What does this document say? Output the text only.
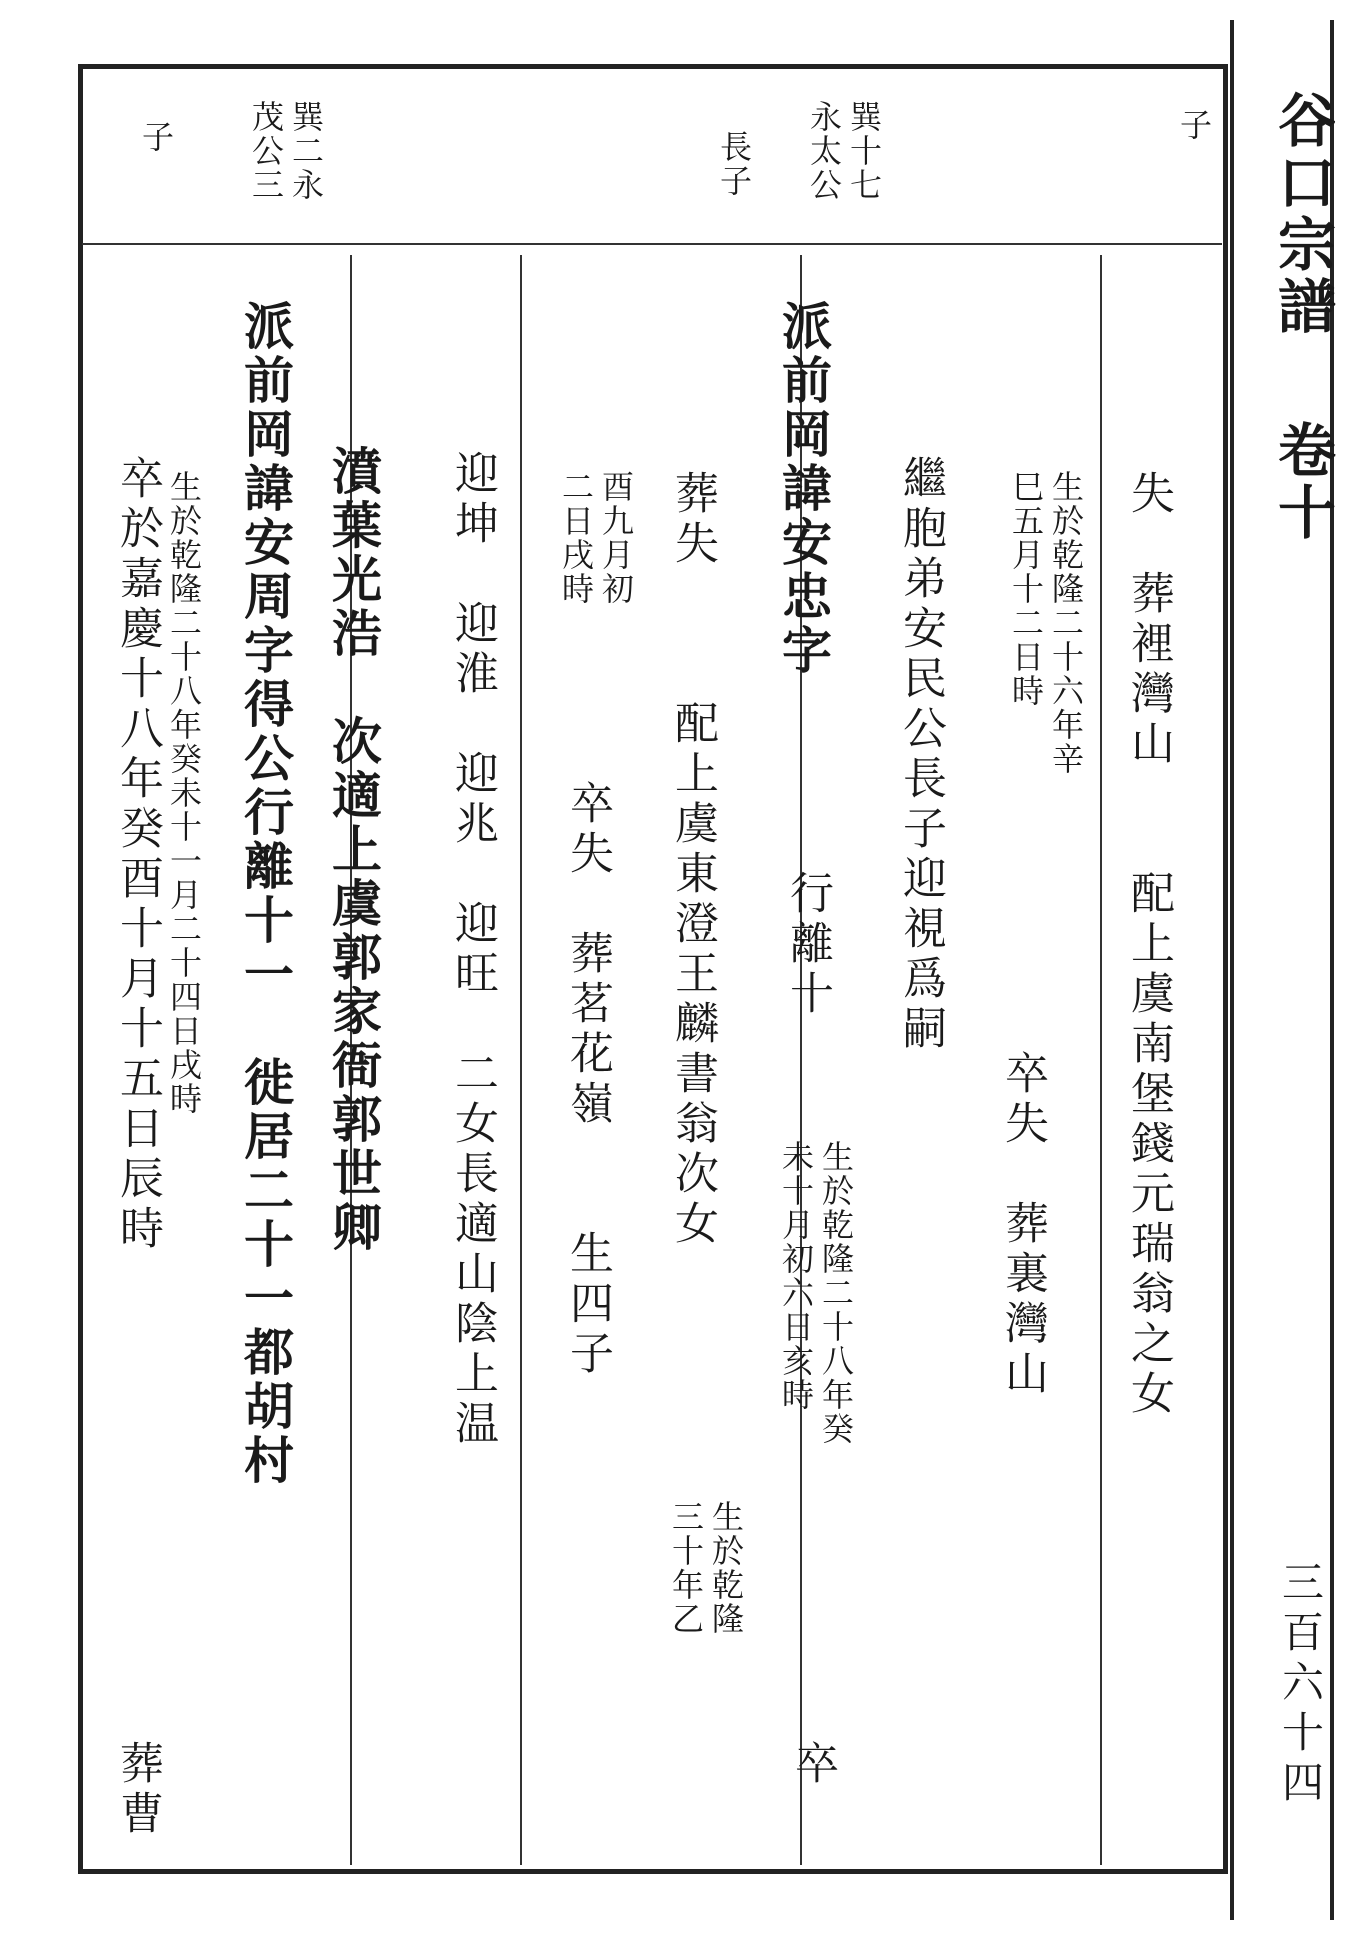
子
巽十七
永太公
長子
巽二永
茂公三
子
失　葬裡灣山　　配上虞南堡錢元瑞翁之女
生於乾隆二十六年辛
巳五月十二日時
卒失　葬裏灣山
繼胞弟安民公長子迎視爲嗣
派前岡諱安忠字
行離十
生於乾隆二十八年癸
未十月初六日亥時
卒
葬失
配上虞東澄王麟書翁次女
生於乾隆
三十年乙
酉九月初
二日戌時
卒失　葬茗花嶺　　生四子
迎坤　迎淮　迎兆　迎旺　二女長適山陰上温
濆葉光浩　次適上虞郭家衙郭世卿
派前岡諱安周字得公行離十一　徙居二十一都胡村
生於乾隆二十八年癸未十一月二十四日戌時
卒於嘉慶十八年癸酉十月十五日辰時
葬曹
谷口宗譜
卷十
三百六十四
